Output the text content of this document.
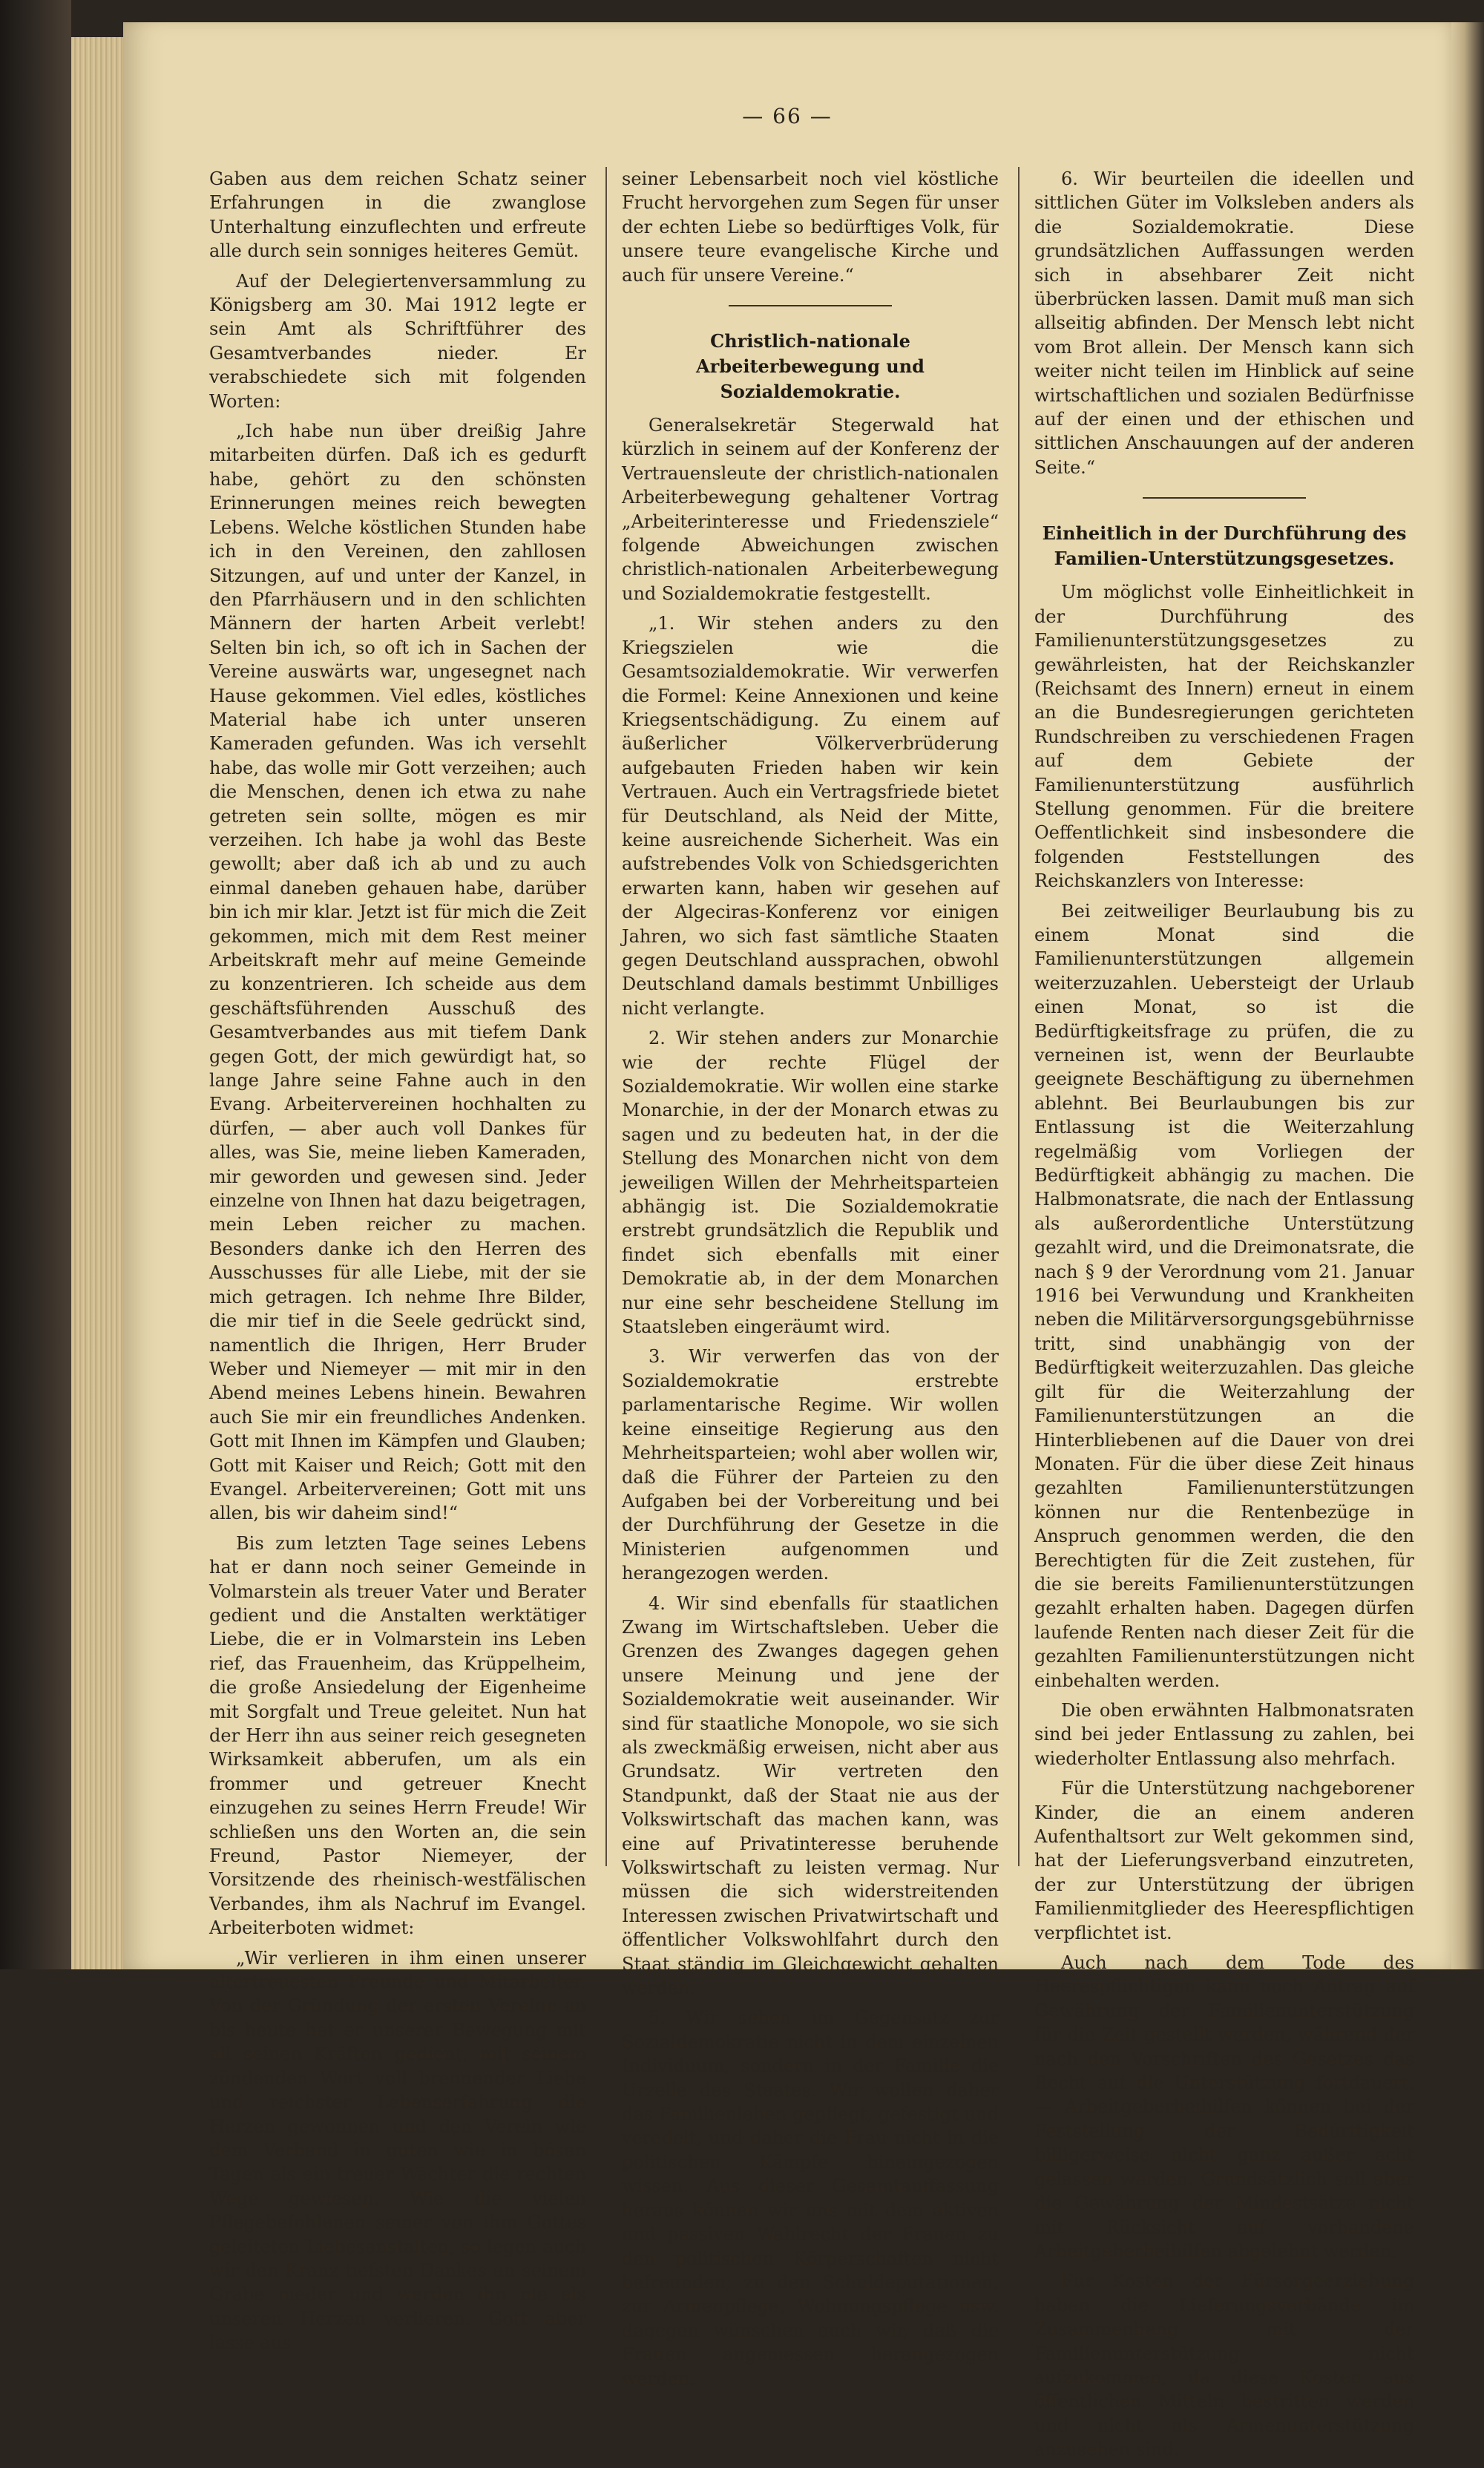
— 66 —

Gaben aus dem reichen Schatz seiner Erfahrungen in die zwanglose Unterhaltung einzuflechten und erfreute alle durch sein sonniges heiteres Gemüt.

Auf der Delegiertenversammlung zu Königsberg am 30. Mai 1912 legte er sein Amt als Schriftführer des Gesamtverbandes nieder. Er verabschiedete sich mit folgenden Worten:

„Ich habe nun über dreißig Jahre mitarbeiten dürfen. Daß ich es gedurft habe, gehört zu den schönsten Erinnerungen meines reich bewegten Lebens. Welche köstlichen Stunden habe ich in den Vereinen, den zahllosen Sitzungen, auf und unter der Kanzel, in den Pfarrhäusern und in den schlichten Männern der harten Arbeit verlebt! Selten bin ich, so oft ich in Sachen der Vereine auswärts war, ungesegnet nach Hause gekommen. Viel edles, köstliches Material habe ich unter unseren Kameraden gefunden. Was ich versehlt habe, das wolle mir Gott verzeihen; auch die Menschen, denen ich etwa zu nahe getreten sein sollte, mögen es mir verzeihen. Ich habe ja wohl das Beste gewollt; aber daß ich ab und zu auch einmal daneben gehauen habe, darüber bin ich mir klar. Jetzt ist für mich die Zeit gekommen, mich mit dem Rest meiner Arbeitskraft mehr auf meine Gemeinde zu konzentrieren. Ich scheide aus dem geschäftsführenden Ausschuß des Gesamtverbandes aus mit tiefem Dank gegen Gott, der mich gewürdigt hat, so lange Jahre seine Fahne auch in den Evang. Arbeitervereinen hochhalten zu dürfen, — aber auch voll Dankes für alles, was Sie, meine lieben Kameraden, mir geworden und gewesen sind. Jeder einzelne von Ihnen hat dazu beigetragen, mein Leben reicher zu machen. Besonders danke ich den Herren des Ausschusses für alle Liebe, mit der sie mich getragen. Ich nehme Ihre Bilder, die mir tief in die Seele gedrückt sind, namentlich die Ihrigen, Herr Bruder Weber und Niemeyer — mit mir in den Abend meines Lebens hinein. Bewahren auch Sie mir ein freundliches Andenken. Gott mit Ihnen im Kämpfen und Glauben; Gott mit Kaiser und Reich; Gott mit den Evangel. Arbeitervereinen; Gott mit uns allen, bis wir daheim sind!“

Bis zum letzten Tage seines Lebens hat er dann noch seiner Gemeinde in Volmarstein als treuer Vater und Berater gedient und die Anstalten werktätiger Liebe, die er in Volmarstein ins Leben rief, das Frauenheim, das Krüppelheim, die große Ansiedelung der Eigenheime mit Sorgfalt und Treue geleitet. Nun hat der Herr ihn aus seiner reich gesegneten Wirksamkeit abberufen, um als ein frommer und getreuer Knecht einzugehen zu seines Herrn Freude! Wir schließen uns den Worten an, die sein Freund, Pastor Niemeyer, der Vorsitzende des rheinisch-westfälischen Verbandes, ihm als Nachruf im Evangel. Arbeiterboten widmet:

„Wir verlieren in ihm einen unserer altertreuesten Freunde und Mitarbeiter. Von der Gründung der ersten Vereine an bis heute hat er unserer Bewegung mit all seinen Kräften gedient, mit seinem zündenden Wort voll brennender Liebe und reichster Lebenserfahrung die Herzen gewonnen und den Verein wie dem Verband in guten wie in bösen Tagen als ein treuer Wächter die rechten Wege gewiesen. Wie die vielen Pflegebefohlenen seiner von ihm Gottes geleiteten Liebesanstalten, so legen auch wir den Kranz tiefsten Dankes an seinem Grabe nieder und werden ihn nie als unseren Herzen verlieren. Gott aber lasse aus

seiner Lebensarbeit noch viel köstliche Frucht hervorgehen zum Segen für unser der echten Liebe so bedürftiges Volk, für unsere teure evangelische Kirche und auch für unsere Vereine.“

Christlich-nationale Arbeiterbewegung und Sozialdemokratie.

Generalsekretär Stegerwald hat kürzlich in seinem auf der Konferenz der Vertrauensleute der christlich-nationalen Arbeiterbewegung gehaltener Vortrag „Arbeiterinteresse und Friedensziele“ folgende Abweichungen zwischen christlich-nationalen Arbeiterbewegung und Sozialdemokratie festgestellt.

„1. Wir stehen anders zu den Kriegszielen wie die Gesamtsozialdemokratie. Wir verwerfen die Formel: Keine Annexionen und keine Kriegsentschädigung. Zu einem auf äußerlicher Völkerverbrüderung aufgebauten Frieden haben wir kein Vertrauen. Auch ein Vertragsfriede bietet für Deutschland, als Neid der Mitte, keine ausreichende Sicherheit. Was ein aufstrebendes Volk von Schiedsgerichten erwarten kann, haben wir gesehen auf der Algeciras-Konferenz vor einigen Jahren, wo sich fast sämtliche Staaten gegen Deutschland aussprachen, obwohl Deutschland damals bestimmt Unbilliges nicht verlangte.

2. Wir stehen anders zur Monarchie wie der rechte Flügel der Sozialdemokratie. Wir wollen eine starke Monarchie, in der der Monarch etwas zu sagen und zu bedeuten hat, in der die Stellung des Monarchen nicht von dem jeweiligen Willen der Mehrheitsparteien abhängig ist. Die Sozialdemokratie erstrebt grundsätzlich die Republik und findet sich ebenfalls mit einer Demokratie ab, in der dem Monarchen nur eine sehr bescheidene Stellung im Staatsleben eingeräumt wird.

3. Wir verwerfen das von der Sozialdemokratie erstrebte parlamentarische Regime. Wir wollen keine einseitige Regierung aus den Mehrheitsparteien; wohl aber wollen wir, daß die Führer der Parteien zu den Aufgaben bei der Vorbereitung und bei der Durchführung der Gesetze in die Ministerien aufgenommen und herangezogen werden.

4. Wir sind ebenfalls für staatlichen Zwang im Wirtschaftsleben. Ueber die Grenzen des Zwanges dagegen gehen unsere Meinung und jene der Sozialdemokratie weit auseinander. Wir sind für staatliche Monopole, wo sie sich als zweckmäßig erweisen, nicht aber aus Grundsatz. Wir vertreten den Standpunkt, daß der Staat nie aus der Volkswirtschaft das machen kann, was eine auf Privatinteresse beruhende Volkswirtschaft zu leisten vermag. Nur müssen die sich widerstreitenden Interessen zwischen Privatwirtschaft und öffentlicher Volkswohlfahrt durch den Staat ständig im Gleichgewicht gehalten werden.

5. Wir sehen im Gegensatz zur Sozialdemokratie nicht in dem einzelnen Individuum, sondern in der Familie die Urzelle des Staates. Wir wollen daher das Familienleben gepflegt, gefestigt und veredelt, und daher die Frau nicht in die politischen Kämpfe hineingezogen wissen. Aus dieser Gesamtauffassung heraus können wir uns mit dem aktiven und passiven Wahlrecht der Frauen zu den politischen Körperschaften nicht befreunden; zu den Schuldeputationen, zur Armenpflege, Wohnungspflege usw. dagegen wünschen auch wir, daß die Frauen angemessen herangezogen werden.

6. Wir beurteilen die ideellen und sittlichen Güter im Volksleben anders als die Sozialdemokratie. Diese grundsätzlichen Auffassungen werden sich in absehbarer Zeit nicht überbrücken lassen. Damit muß man sich allseitig abfinden. Der Mensch lebt nicht vom Brot allein. Der Mensch kann sich weiter nicht teilen im Hinblick auf seine wirtschaftlichen und sozialen Bedürfnisse auf der einen und der ethischen und sittlichen Anschauungen auf der anderen Seite.“

Einheitlich in der Durchführung des Familien-Unterstützungsgesetzes.

Um möglichst volle Einheitlichkeit in der Durchführung des Familienunterstützungsgesetzes zu gewährleisten, hat der Reichskanzler (Reichsamt des Innern) erneut in einem an die Bundesregierungen gerichteten Rundschreiben zu verschiedenen Fragen auf dem Gebiete der Familienunterstützung ausführlich Stellung genommen. Für die breitere Oeffentlichkeit sind insbesondere die folgenden Feststellungen des Reichskanzlers von Interesse:

Bei zeitweiliger Beurlaubung bis zu einem Monat sind die Familienunterstützungen allgemein weiterzuzahlen. Uebersteigt der Urlaub einen Monat, so ist die Bedürftigkeitsfrage zu prüfen, die zu verneinen ist, wenn der Beurlaubte geeignete Beschäftigung zu übernehmen ablehnt. Bei Beurlaubungen bis zur Entlassung ist die Weiterzahlung regelmäßig vom Vorliegen der Bedürftigkeit abhängig zu machen. Die Halbmonatsrate, die nach der Entlassung als außerordentliche Unterstützung gezahlt wird, und die Dreimonatsrate, die nach § 9 der Verordnung vom 21. Januar 1916 bei Verwundung und Krankheiten neben die Militärversorgungsgebührnisse tritt, sind unabhängig von der Bedürftigkeit weiterzuzahlen. Das gleiche gilt für die Weiterzahlung der Familienunterstützungen an die Hinterbliebenen auf die Dauer von drei Monaten. Für die über diese Zeit hinaus gezahlten Familienunterstützungen können nur die Rentenbezüge in Anspruch genommen werden, die den Berechtigten für die Zeit zustehen, für die sie bereits Familienunterstützungen gezahlt erhalten haben. Dagegen dürfen laufende Renten nach dieser Zeit für die gezahlten Familienunterstützungen nicht einbehalten werden.

Die oben erwähnten Halbmonatsraten sind bei jeder Entlassung zu zahlen, bei wiederholter Entlassung also mehrfach.

Für die Unterstützung nachgeborener Kinder, die an einem anderen Aufenthaltsort zur Welt gekommen sind, hat der Lieferungsverband einzutreten, der zur Unterstützung der übrigen Familienmitglieder des Heerespflichtigen verpflichtet ist.

Auch nach dem Tode des Heerespflichtigen kann noch Antrag auf Gewährung der Familienunterstützung für die Zeit gestellt werden, während der nach den Vorschriften des Gesetzes das Recht auf die Unterstützung fortdauert. — Arbeitgeberbeihilfen können bei der Feststellung der Bedürftigkeit billigerweise nicht ganz außer acht gelassen werden. Grundsätzlich soll aber die Gewährung der Mindestsätze nicht mit Rücksicht auf vorhandene Arbeitgeberbeihilfen abgelehnt werden.

Für Kosten der Fürsorgeerziehung haben die Lieferungsverbände im Zusammenhang mit der Familienunterstützung nicht aufzukommen, da diese Kosten aus öffentlichen Mitteln bestritten werden und nicht als Armenunterstützung anzusehen sind.
